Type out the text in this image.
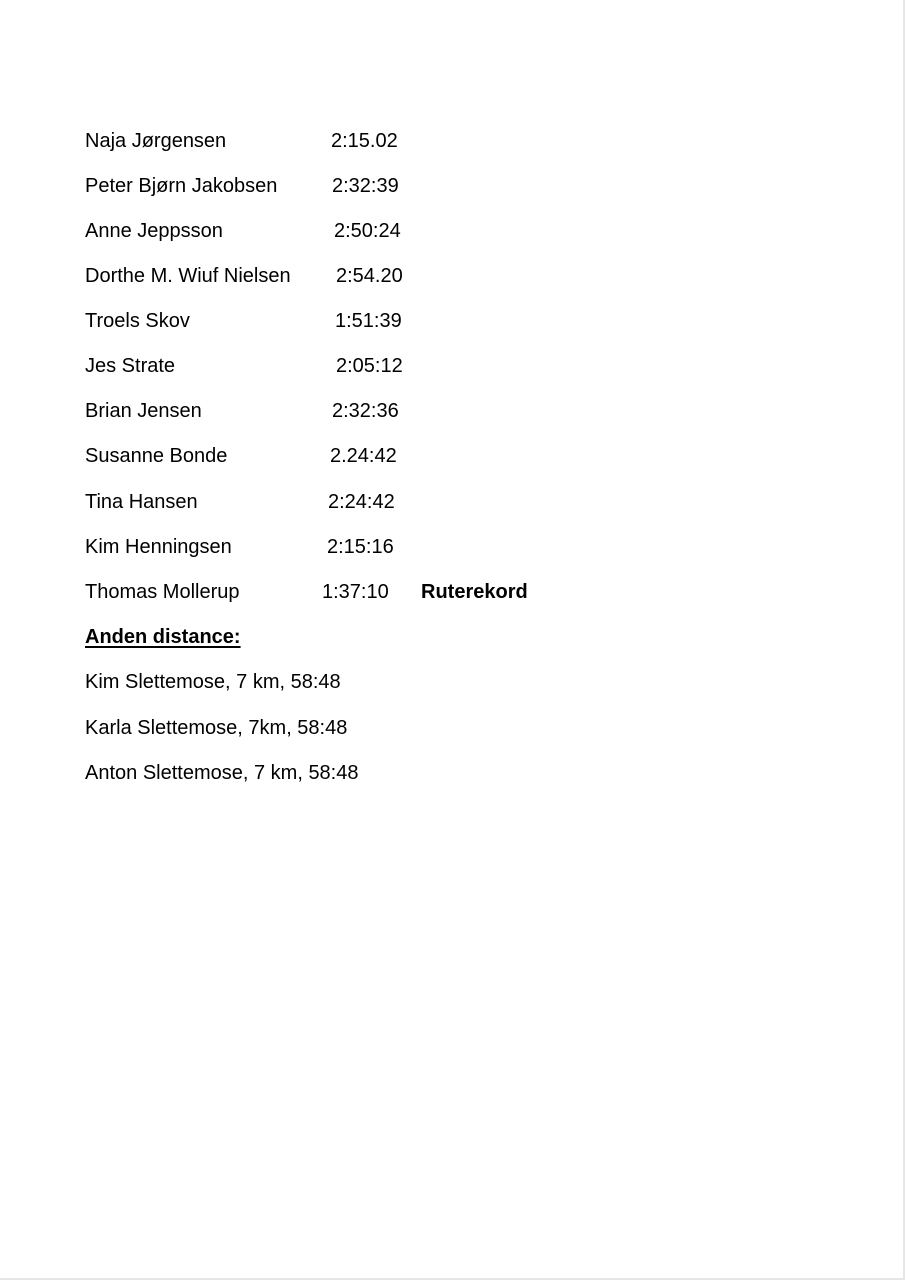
Naja Jørgensen	2:15.02
Peter Bjørn Jakobsen	2:32:39
Anne Jeppsson	2:50:24
Dorthe M. Wiuf Nielsen 2:54.20
Troels Skov	1:51:39
Jes Strate	2:05:12
Brian Jensen	2:32:36
Susanne Bonde	2.24:42
Tina Hansen	2:24:42
Kim Henningsen	2:15:16
Thomas Mollerup	1:37:10 Ruterekord
Anden distance:
Kim Slettemose, 7 km, 58:48
Karla Slettemose, 7km, 58:48
Anton Slettemose, 7 km, 58:48
